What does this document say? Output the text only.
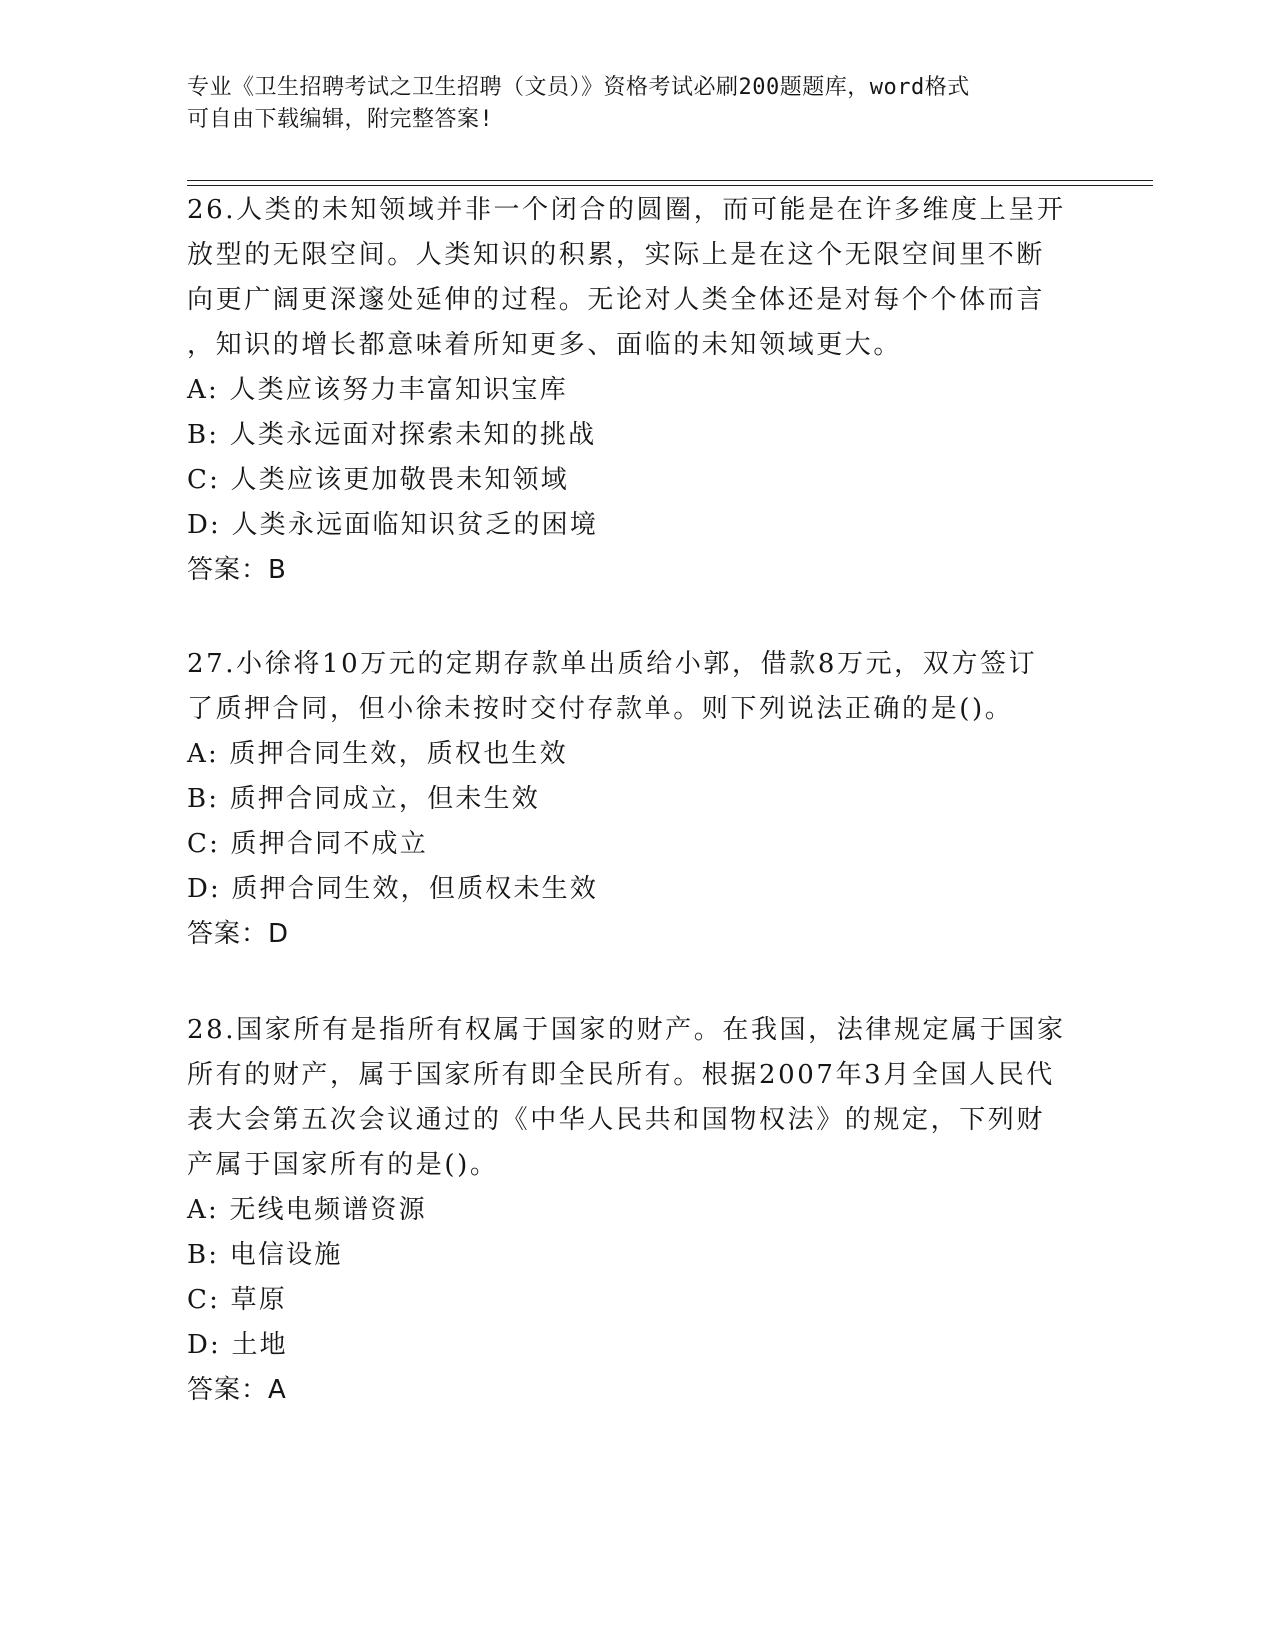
专业《卫生招聘考试之卫生招聘（文员）》资格考试必刷200题题库，word格式
可自由下载编辑，附完整答案!
26.人类的未知领域并非一个闭合的圆圈，而可能是在许多维度上呈开
放型的无限空间。人类知识的积累，实际上是在这个无限空间里不断
向更广阔更深邃处延伸的过程。无论对人类全体还是对每个个体而言
，知识的增长都意味着所知更多、面临的未知领域更大。
A: 人类应该努力丰富知识宝库
B: 人类永远面对探索未知的挑战
C: 人类应该更加敬畏未知领域
D: 人类永远面临知识贫乏的困境
答案：B
27.小徐将10万元的定期存款单出质给小郭，借款8万元，双方签订
了质押合同，但小徐未按时交付存款单。则下列说法正确的是()。
A: 质押合同生效，质权也生效
B: 质押合同成立，但未生效
C: 质押合同不成立
D: 质押合同生效，但质权未生效
答案：D
28.国家所有是指所有权属于国家的财产。在我国，法律规定属于国家
所有的财产，属于国家所有即全民所有。根据2007年3月全国人民代
表大会第五次会议通过的《中华人民共和国物权法》的规定，下列财
产属于国家所有的是()。
A: 无线电频谱资源
B: 电信设施
C: 草原
D: 土地
答案：A
